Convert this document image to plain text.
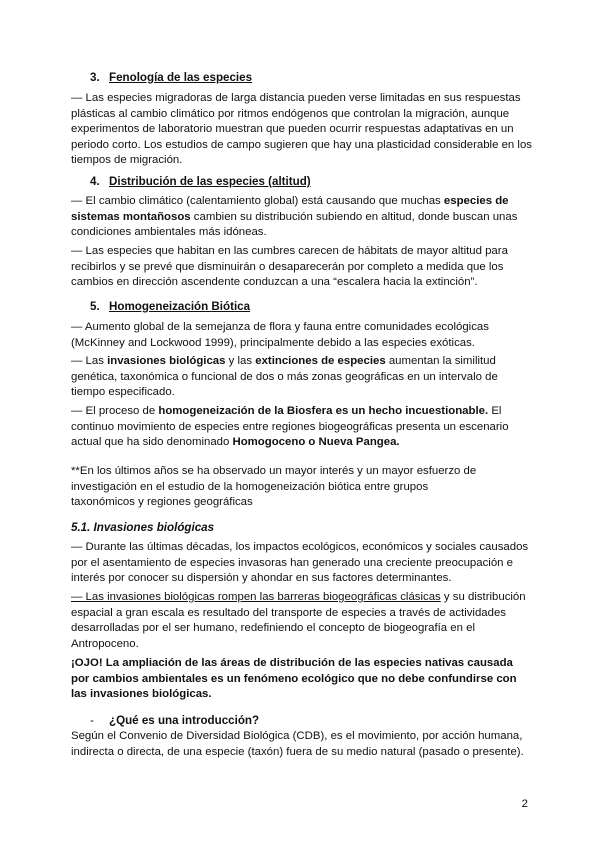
3. Fenología de las especies

— Las especies migradoras de larga distancia pueden verse limitadas en sus respuestas plásticas al cambio climático por ritmos endógenos que controlan la migración, aunque experimentos de laboratorio muestran que pueden ocurrir respuestas adaptativas en un periodo corto. Los estudios de campo sugieren que hay una plasticidad considerable en los tiempos de migración.

4. Distribución de las especies (altitud)

— El cambio climático (calentamiento global) está causando que muchas especies de sistemas montañosos cambien su distribución subiendo en altitud, donde buscan unas condiciones ambientales más idóneas.

— Las especies que habitan en las cumbres carecen de hábitats de mayor altitud para recibirlos y se prevé que disminuirán o desaparecerán por completo a medida que los cambios en dirección ascendente conduzcan a una “escalera hacia la extinción”.

5. Homogeneización Biótica

— Aumento global de la semejanza de flora y fauna entre comunidades ecológicas (McKinney and Lockwood 1999), principalmente debido a las especies exóticas.

— Las invasiones biológicas y las extinciones de especies aumentan la similitud genética, taxonómica o funcional de dos o más zonas geográficas en un intervalo de tiempo especificado.

— El proceso de homogeneización de la Biosfera es un hecho incuestionable. El continuo movimiento de especies entre regiones biogeográficas presenta un escenario actual que ha sido denominado Homogoceno o Nueva Pangea.

**En los últimos años se ha observado un mayor interés y un mayor esfuerzo de
investigación en el estudio de la homogeneización biótica entre grupos
taxonómicos y regiones geográficas
5.1. Invasiones biológicas

— Durante las últimas décadas, los impactos ecológicos, económicos y sociales causados por el asentamiento de especies invasoras han generado una creciente preocupación e interés por conocer su dispersión y ahondar en sus factores determinantes.

— Las invasiones biológicas rompen las barreras biogeográficas clásicas y su distribución espacial a gran escala es resultado del transporte de especies a través de actividades desarrolladas por el ser humano, redefiniendo el concepto de biogeografía en el Antropoceno.

¡OJO! La ampliación de las áreas de distribución de las especies nativas causada por cambios ambientales es un fenómeno ecológico que no debe confundirse con las invasiones biológicas.

- ¿Qué es una introducción?

Según el Convenio de Diversidad Biológica (CDB), es el movimiento, por acción humana, indirecta o directa, de una especie (taxón) fuera de su medio natural (pasado o presente).

2
